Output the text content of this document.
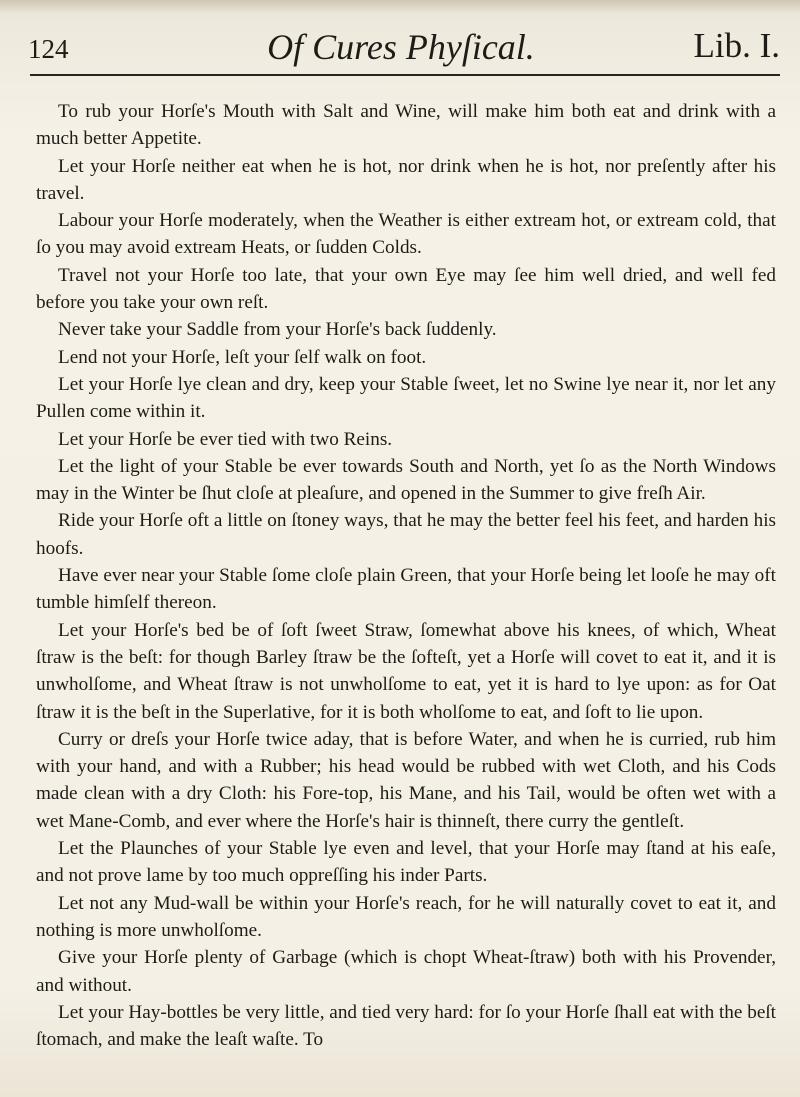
124	Of Cures Phyſical.	Lib. I.

To rub your Horſe's Mouth with Salt and Wine, will make him both eat and drink with a much better Appetite.

Let your Horſe neither eat when he is hot, nor drink when he is hot, nor preſently after his travel.

Labour your Horſe moderately, when the Weather is either extream hot, or extream cold, that ſo you may avoid extream Heats, or ſudden Colds.

Travel not your Horſe too late, that your own Eye may ſee him well dried, and well fed before you take your own reſt.

Never take your Saddle from your Horſe's back ſuddenly.

Lend not your Horſe, leſt your ſelf walk on foot.

Let your Horſe lye clean and dry, keep your Stable ſweet, let no Swine lye near it, nor let any Pullen come within it.

Let your Horſe be ever tied with two Reins.

Let the light of your Stable be ever towards South and North, yet ſo as the North Windows may in the Winter be ſhut cloſe at pleaſure, and opened in the Summer to give freſh Air.

Ride your Horſe oft a little on ſtoney ways, that he may the better feel his feet, and harden his hoofs.

Have ever near your Stable ſome cloſe plain Green, that your Horſe being let looſe he may oft tumble himſelf thereon.

Let your Horſe's bed be of ſoft ſweet Straw, ſomewhat above his knees, of which, Wheat ſtraw is the beſt: for though Barley ſtraw be the ſofteſt, yet a Horſe will covet to eat it, and it is unwholſome, and Wheat ſtraw is not unwholſome to eat, yet it is hard to lye upon: as for Oat ſtraw it is the beſt in the Superlative, for it is both wholſome to eat, and ſoft to lie upon.

Curry or dreſs your Horſe twice aday, that is before Water, and when he is curried, rub him with your hand, and with a Rubber; his head would be rubbed with wet Cloth, and his Cods made clean with a dry Cloth: his Fore-top, his Mane, and his Tail, would be often wet with a wet Mane-Comb, and ever where the Horſe's hair is thinneſt, there curry the gentleſt.

Let the Plaunches of your Stable lye even and level, that your Horſe may ſtand at his eaſe, and not prove lame by too much oppreſſing his inder Parts.

Let not any Mud-wall be within your Horſe's reach, for he will naturally covet to eat it, and nothing is more unwholſome.

Give your Horſe plenty of Garbage (which is chopt Wheat-ſtraw) both with his Provender, and without.

Let your Hay-bottles be very little, and tied very hard: for ſo your Horſe ſhall eat with the beſt ſtomach, and make the leaſt waſte. To
